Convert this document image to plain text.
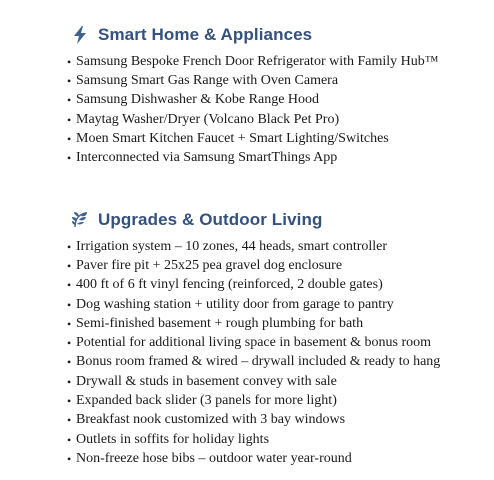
Smart Home & Appliances
• Samsung Bespoke French Door Refrigerator with Family Hub™
• Samsung Smart Gas Range with Oven Camera
• Samsung Dishwasher & Kobe Range Hood
• Maytag Washer/Dryer (Volcano Black Pet Pro)
• Moen Smart Kitchen Faucet + Smart Lighting/Switches
• Interconnected via Samsung SmartThings App
Upgrades & Outdoor Living
• Irrigation system – 10 zones, 44 heads, smart controller
• Paver fire pit + 25x25 pea gravel dog enclosure
• 400 ft of 6 ft vinyl fencing (reinforced, 2 double gates)
• Dog washing station + utility door from garage to pantry
• Semi-finished basement + rough plumbing for bath
• Potential for additional living space in basement & bonus room
• Bonus room framed & wired – drywall included & ready to hang
• Drywall & studs in basement convey with sale
• Expanded back slider (3 panels for more light)
• Breakfast nook customized with 3 bay windows
• Outlets in soffits for holiday lights
• Non-freeze hose bibs – outdoor water year-round
